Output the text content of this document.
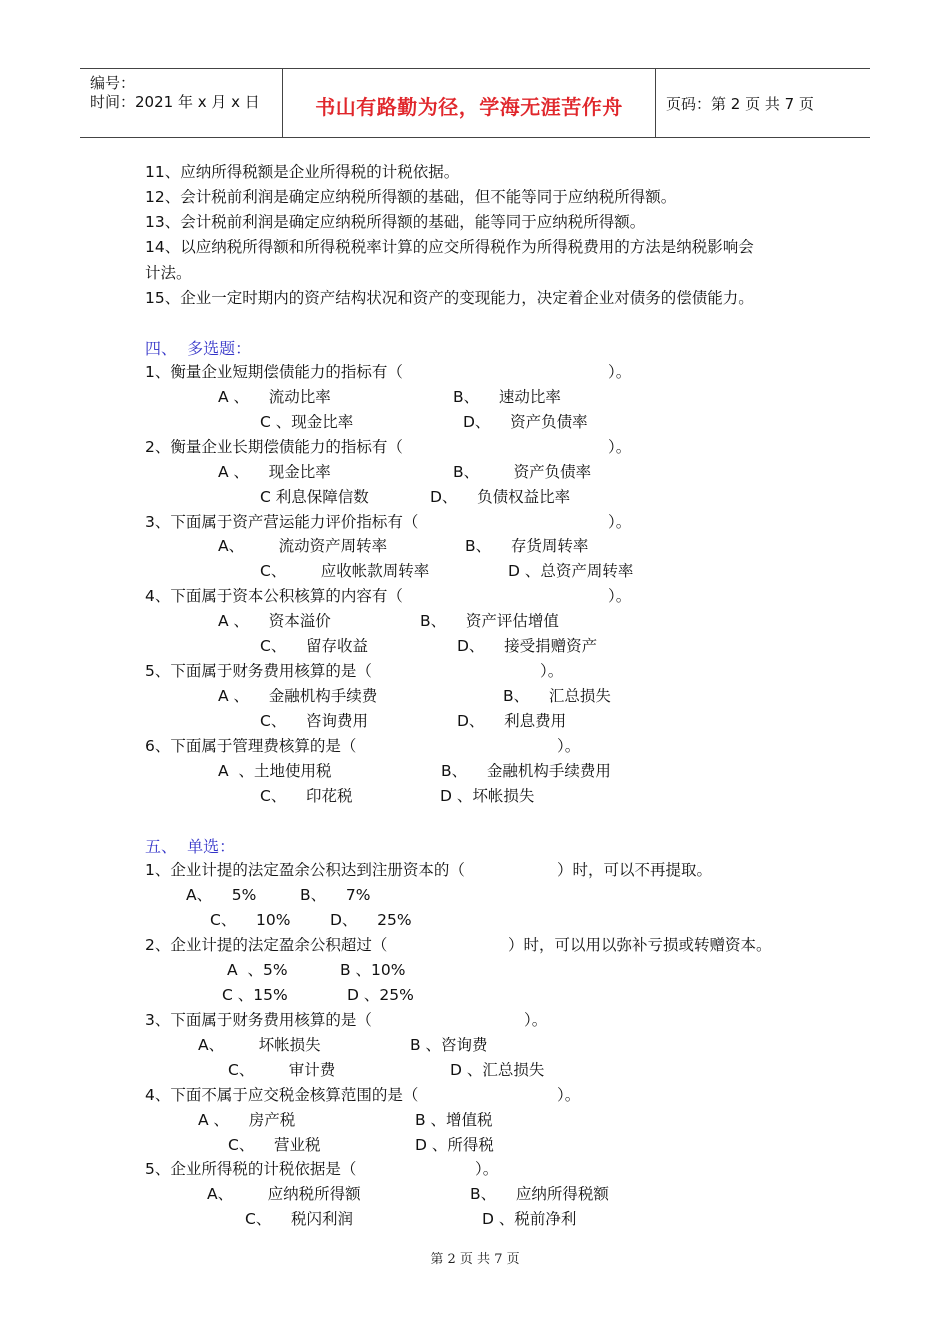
编号：
时间：2021 年 x 月 x 日	书山有路勤为径，学海无涯苦作舟	页码：第 2 页 共 7 页
11、应纳所得税额是企业所得税的计税依据。
12、会计税前利润是确定应纳税所得额的基础，但不能等同于应纳税所得额。
13、会计税前利润是确定应纳税所得额的基础，能等同于应纳税所得额。
14、以应纳税所得额和所得税税率计算的应交所得税作为所得税费用的方法是纳税影响会
计法。
15、企业一定时期内的资产结构状况和资产的变现能力，决定着企业对债务的偿债能力。
四、  多选题：
1、衡量企业短期偿债能力的指标有（	）。
A 、    流动比率	B、    速动比率
C 、现金比率	D、    资产负债率
2、衡量企业长期偿债能力的指标有（	）。
A 、    现金比率	B、       资产负债率
C 利息保障信数	D、    负债权益比率
3、下面属于资产营运能力评价指标有（	）。
A、       流动资产周转率	B、    存货周转率
C、       应收帐款周转率	D 、总资产周转率
4、下面属于资本公积核算的内容有（	）。
A 、    资本溢价	B、    资产评估增值
C、    留存收益	D、    接受捐赠资产
5、下面属于财务费用核算的是（	）。
A 、    金融机构手续费	B、    汇总损失
C、    咨询费用	D、    利息费用
6、下面属于管理费核算的是（	）。
A  、土地使用税	B、    金融机构手续费用
C、    印花税	D 、坏帐损失
五、  单选：
1、企业计提的法定盈余公积达到注册资本的（	）时，可以不再提取。
A、    5%	B、    7%
C、    10%	D、    25%
2、企业计提的法定盈余公积超过（	）时，可以用以弥补亏损或转赠资本。
A  、5%	B 、10%
C 、15%	D 、25%
3、下面属于财务费用核算的是（	）。
A、       坏帐损失	B 、咨询费
C、       审计费	D 、汇总损失
4、下面不属于应交税金核算范围的是（	）。
A 、    房产税	B 、增值税
C、    营业税	D 、所得税
5、企业所得税的计税依据是（	）。
A、       应纳税所得额	B、    应纳所得税额
C、    税闪利润	D 、税前净利
第 2 页 共 7 页
